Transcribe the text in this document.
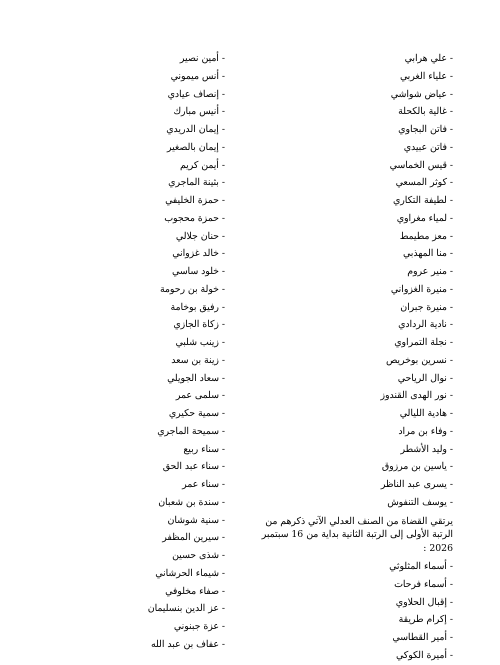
- علي هرابي
- علياء الغربي
- عياض شواشي
- غالية بالكحلة
- فاتن البجاوي
- فاتن عبيدي
- قيس الخماسي
- كوثر المسعي
- لطيفة التكاري
- لمياء مغراوي
- معز مطيمط
- منا المهذبي
- منير عروم
- منيرة الغزواني
- منيرة جبران
- نادية الردادي
- نجلة التمراوي
- نسرين بوخريص
- نوال الرياحي
- نور الهدى القندوز
- هادية الليالي
- وفاء بن مراد
- وليد الأشطر
- ياسين بن مرزوق
- يسرى عبد الناظر
- يوسف التنفوش
يرتقي القضاة من الصنف العدلي الآتي ذكرهم من الرتبة الأولى إلى الرتبة الثانية بداية من 16 سبتمبر 2026 :
- أسماء المثلوثي
- أسماء فرحات
- إقبال الحلاوي
- إكرام طريقة
- أمير القطاسي
- أميرة الكوكي
- أمين نصير
- أنس ميموني
- إنصاف عيادي
- أنيس مبارك
- إيمان الدريدي
- إيمان بالصغير
- أيمن كريم
- بثينة الماجري
- حمزة الخليفي
- حمزة محجوب
- حنان جلالي
- خالد غزواني
- خلود ساسي
- خولة بن رحومة
- رفيق بوخامة
- زكاة الجازي
- زينب شلبي
- زينة بن سعد
- سعاد الجويلي
- سلمى عمر
- سمية حكيري
- سميحة الماجري
- سناء ربيع
- سناء عبد الحق
- سناء عمر
- سندة بن شعبان
- سنية شوشان
- سيرين المظفر
- شذى حسين
- شيماء الحرشاني
- صفاء مخلوفي
- عز الدين بنسليمان
- عزة جبنوني
- عفاف بن عبد الله
